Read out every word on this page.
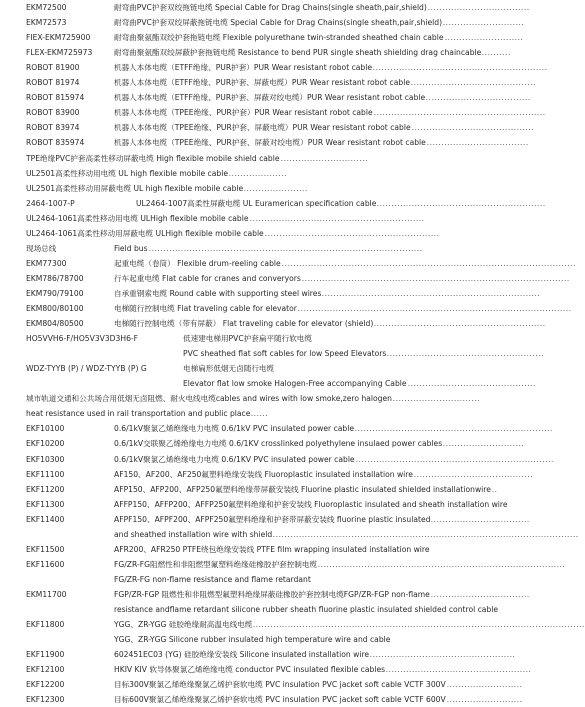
EKM72500	耐弯曲PVC护套双绞拖链电缆 Special Cable for Drag Chains(single sheath,pair,shield) ...................................
EKM72573	耐弯曲PVC护套双绞屏蔽拖链电缆 Special Cable for Drag Chains(single sheath,pair,shield) ............................
FIEX-EKM725900	耐弯曲聚氨酯双绞护套拖链电缆 Flexible polyurethane twin-stranded sheathed chain cable ...........................
FLEX-EKM725973	耐弯曲聚氨酯双绞屏蔽护套拖链电缆 Resistance to bend PUR single sheath shielding drag chaincable ..........
ROBOT 81900	机器人本体电缆（ETFF绝缘、PUR护套）PUR Wear resistant robot cable ............................................................
ROBOT 81974	机器人本体电缆（ETFF绝缘、PUR护套、屏蔽电缆）PUR Wear resistant robot cable ...........................................
ROBOT 815974	机器人本体电缆（ETFF绝缘、PUR护套、屏蔽对绞电缆）PUR Wear resistant robot cable ....................................
ROBOT 83900	机器人本体电缆（TPEE绝缘、PUR护套）PUR Wear resistant robot cable ...........................................................
ROBOT 83974	机器人本体电缆（TPEE绝缘、PUR护套、屏蔽电缆）PUR Wear resistant robot cable ..........................................
ROBOT 835974	机器人本体电缆（TPEE绝缘、PUR护套、屏蔽对绞电缆）PUR Wear resistant robot cable ...................................
TPE绝缘PVC护套高柔性移动屏蔽电缆 High flexible mobile shield cable ..............................
UL2501高柔性移动用电缆 UL high flexible mobile cable ....................
UL2501高柔性移动用屏蔽电缆 UL high flexible mobile cable ......................
2464-1007-P	UL2464-1007高柔性屏蔽电缆 UL Euramerican specification cable ..........................................................
UL2464-1061高柔性移动用电缆 ULHigh flexible mobile cable ............................................................
UL2464-1061高柔性移动用屏蔽电缆 ULHigh flexible mobile cable ............................................................
现场总线	Field bus ..............................................................................................
EKM77300	起重电缆（卷筒） Flexible drum-reeling cable .....................................................................................................
EKM786/78700	行车起重电缆 Flat cable for cranes and converyors ............................................................................................
EKM790/79100	自承重钢索电缆 Round cable with supporting steel wires ...........................................................................
EKM800/80100	电梯随行控制电缆 Flat traveling cable for elevator ..............................................................................................
EKM804/80500	电梯随行控制电缆（带有屏蔽） Flat traveling cable for elevator (shield) ...........................................................
HO5VVH6-F/HO5V3V3D3H6-F	低速建电梯用PVC护套扁平随行软电缆
PVC sheathed flat soft cables for low Speed Elevators ......................................................
WDZ-TYYB (P) / WDZ-TYYB (P) G	电梯扁形低烟无卤随行电缆
Elevator flat low smoke Halogen-Free accompanying Cable ............................................
城市轨道交通和公共场合用低烟无卤阻燃、耐火电线电缆cables and wires with low smoke,zero halogen ..............................
heat resistance used in rail transportation and public place ......
EKF10100	0.6/1kV聚氯乙烯绝缘电力电缆 0.6/1kV PVC insulated power cable ....................................................................
EKF10200	0.6/1kV交联聚乙烯绝缘电力电缆 0.6/1KV crosslinked polyethylene insulaed power cables ............................
EKF10300	0.6/1kV聚氯乙烯绝缘电力电缆 0.6/1KV PVC insulated power cable ....................................................................
EKF11100	AF150、AF200、AF250氟塑料绝缘安装线 Fluoroplastic insulated installation wire .........................................
EKF11200	AFP150、AFP200、AFP250氟塑料绝缘带屏蔽安装线 Fluorine plastic insulated shielded installationwire ..
EKF11300	AFFP150、AFFP200、AFFP250氟塑料绝缘和护套安装线 Fluoroplastic insulated and sheath installation wire
EKF11400	AFPF150、AFPF200、AFPF250氟塑料绝缘和护套带屏蔽安装线 fluorine plastic insulated ..................................
and sheathed installation wire with shield .........................................................................................................
EKF11500	AFR200、AFR250 PTFE绕包绝缘安装线 PTFE film wrapping insulated installation wire
EKF11600	FG/ZR-FG阻燃性和非阻燃型氟塑料绝缘硅橡胶护套控制电缆 .....................................................................................
FG/ZR-FG non-flame resistance and flame retardant
EKM11700	FGP/ZR-FGP 阻燃性和非阻燃型氟塑料绝缘屏蔽硅橡胶护套控制电缆FGP/ZR-FGP non-flame ..................................
resistance andflame retardant silicone rubber sheath fluorine plastic insulated shielded control cable
EKF11800	YGG、ZR-YGG 硅胶绝缘耐高温电线电缆 ..................................................................................................................
YGG、ZR-YGG Silicone rubber insulated high temperature wire and cable
EKF11900	602451EC03 (YG) 硅胶绝缘安装线 Silicone insulated installation wire ..................................................
EKF12100	HKIV KIV 软导体聚氯乙烯绝缘电缆 conductor PVC insulated flexible cables ..................................................
EKF12200	目标300V聚氯乙烯绝缘聚氯乙烯护套软电缆 PVC insulation PVC jacket soft cable VCTF 300V ..........................
EKF12300	目标600V聚氯乙烯绝缘聚氯乙烯护套软电缆 PVC insulation PVC jacket soft cable VCTF 600V ..........................
